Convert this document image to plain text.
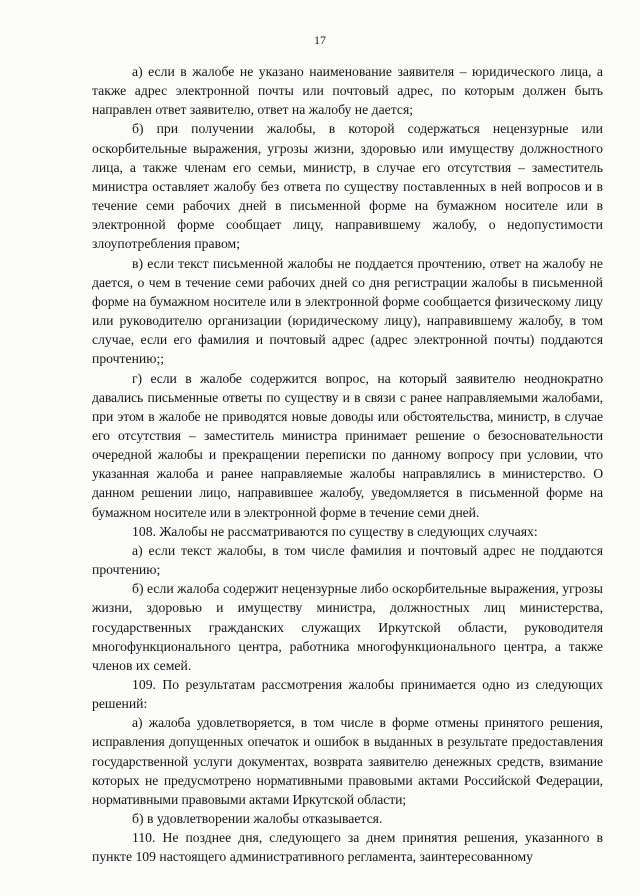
17

а) если в жалобе не указано наименование заявителя – юридического лица, а также адрес электронной почты или почтовый адрес, по которым должен быть направлен ответ заявителю, ответ на жалобу не дается;

б) при получении жалобы, в которой содержаться нецензурные или оскорбительные выражения, угрозы жизни, здоровью или имуществу должностного лица, а также членам его семьи, министр, в случае его отсутствия – заместитель министра оставляет жалобу без ответа по существу поставленных в ней вопросов и в течение семи рабочих дней в письменной форме на бумажном носителе или в электронной форме сообщает лицу, направившему жалобу, о недопустимости злоупотребления правом;

в) если текст письменной жалобы не поддается прочтению, ответ на жалобу не дается, о чем в течение семи рабочих дней со дня регистрации жалобы в письменной форме на бумажном носителе или в электронной форме сообщается физическому лицу или руководителю организации (юридическому лицу), направившему жалобу, в том случае, если его фамилия и почтовый адрес (адрес электронной почты) поддаются прочтению;;

г) если в жалобе содержится вопрос, на который заявителю неоднократно давались письменные ответы по существу и в связи с ранее направляемыми жалобами, при этом в жалобе не приводятся новые доводы или обстоятельства, министр, в случае его отсутствия – заместитель министра принимает решение о безосновательности очередной жалобы и прекращении переписки по данному вопросу при условии, что указанная жалоба и ранее направляемые жалобы направлялись в министерство. О данном решении лицо, направившее жалобу, уведомляется в письменной форме на бумажном носителе или в электронной форме в течение семи дней.

108. Жалобы не рассматриваются по существу в следующих случаях:

а) если текст жалобы, в том числе фамилия и почтовый адрес не поддаются прочтению;

б) если жалоба содержит нецензурные либо оскорбительные выражения, угрозы жизни, здоровью и имуществу министра, должностных лиц министерства, государственных гражданских служащих Иркутской области, руководителя многофункционального центра, работника многофункционального центра, а также членов их семей.

109. По результатам рассмотрения жалобы принимается одно из следующих решений:

а) жалоба удовлетворяется, в том числе в форме отмены принятого решения, исправления допущенных опечаток и ошибок в выданных в результате предоставления государственной услуги документах, возврата заявителю денежных средств, взимание которых не предусмотрено нормативными правовыми актами Российской Федерации, нормативными правовыми актами Иркутской области;

б) в удовлетворении жалобы отказывается.

110. Не позднее дня, следующего за днем принятия решения, указанного в пункте 109 настоящего административного регламента, заинтересованному
